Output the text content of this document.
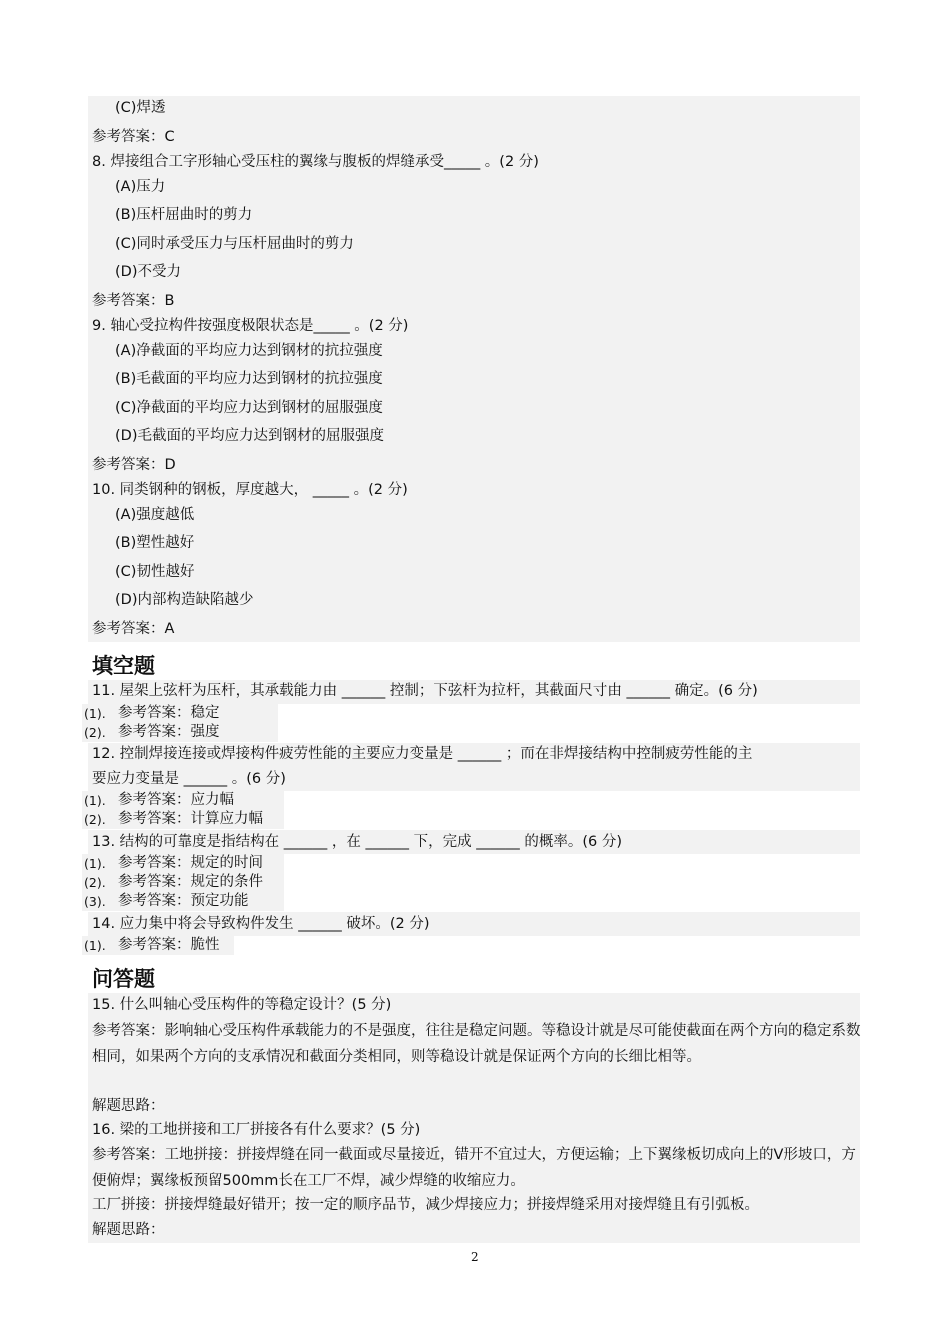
(C)焊透
参考答案：C
8. 焊接组合工字形轴心受压柱的翼缘与腹板的焊缝承受_____ 。(2 分)
(A)压力
(B)压杆屈曲时的剪力
(C)同时承受压力与压杆屈曲时的剪力
(D)不受力
参考答案：B
9. 轴心受拉构件按强度极限状态是_____ 。(2 分)
(A)净截面的平均应力达到钢材的抗拉强度
(B)毛截面的平均应力达到钢材的抗拉强度
(C)净截面的平均应力达到钢材的屈服强度
(D)毛截面的平均应力达到钢材的屈服强度
参考答案：D
10. 同类钢种的钢板，厚度越大， _____ 。(2 分)
(A)强度越低
(B)塑性越好
(C)韧性越好
(D)内部构造缺陷越少
参考答案：A
填空题
11. 屋架上弦杆为压杆，其承载能力由 ______ 控制；下弦杆为拉杆，其截面尺寸由 ______ 确定。(6 分)
(1). 参考答案：稳定
(2). 参考答案：强度
12. 控制焊接连接或焊接构件疲劳性能的主要应力变量是 ______ ；而在非焊接结构中控制疲劳性能的主
要应力变量是 ______ 。(6 分)
(1). 参考答案：应力幅
(2). 参考答案：计算应力幅
13. 结构的可靠度是指结构在 ______ ，在 ______ 下，完成 ______ 的概率。(6 分)
(1). 参考答案：规定的时间
(2). 参考答案：规定的条件
(3). 参考答案：预定功能
14. 应力集中将会导致构件发生 ______ 破坏。(2 分)
(1). 参考答案：脆性
问答题
15. 什么叫轴心受压构件的等稳定设计？(5 分)
参考答案：影响轴心受压构件承载能力的不是强度，往往是稳定问题。等稳设计就是尽可能使截面在两个方向的稳定系数相同，如果两个方向的支承情况和截面分类相同，则等稳设计就是保证两个方向的长细比相等。
解题思路：
16. 梁的工地拼接和工厂拼接各有什么要求？(5 分)
参考答案：工地拼接：拼接焊缝在同一截面或尽量接近，错开不宜过大，方便运输；上下翼缘板切成向上的V形坡口，方便俯焊；翼缘板预留500mm长在工厂不焊，减少焊缝的收缩应力。
工厂拼接：拼接焊缝最好错开；按一定的顺序品节，减少焊接应力；拼接焊缝采用对接焊缝且有引弧板。
解题思路：
2
